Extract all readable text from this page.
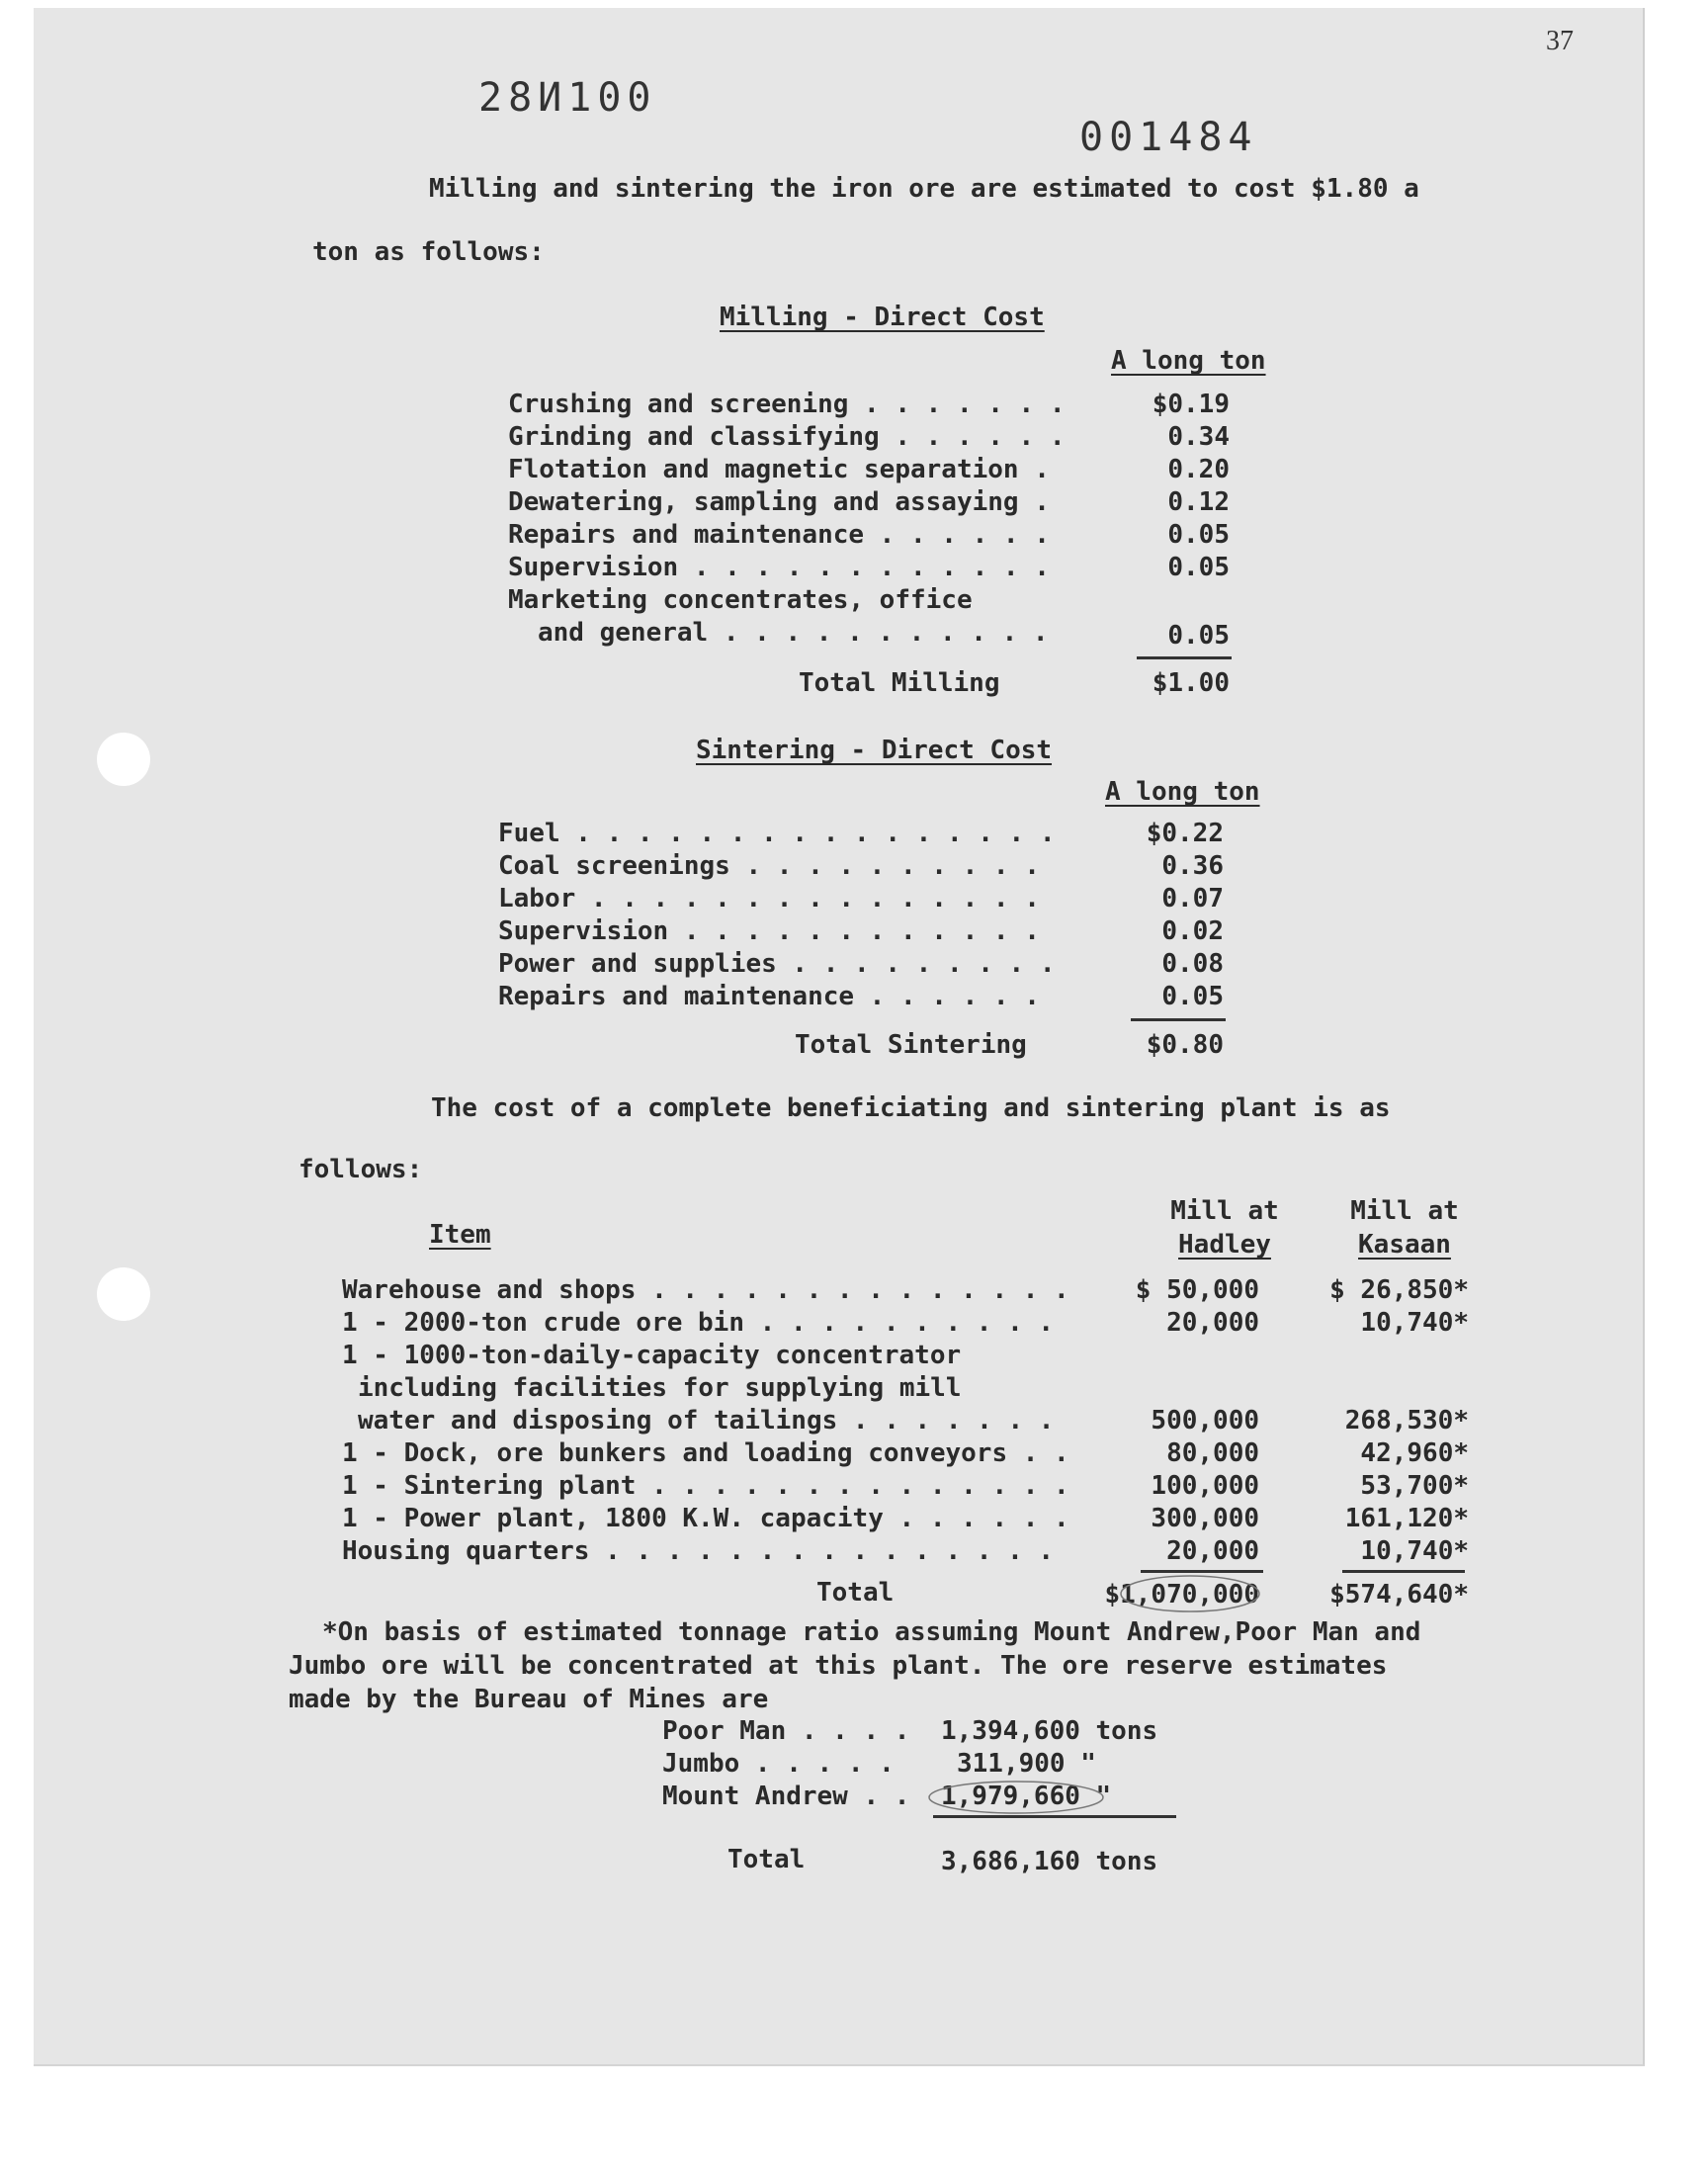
37
28И100
001484
Milling and sintering the iron ore are estimated to cost $1.80 a
ton as follows:
Milling - Direct Cost
A long ton
Crushing and screening . . . . . . .	$0.19
Grinding and classifying . . . . . .	0.34
Flotation and magnetic separation .	0.20
Dewatering, sampling and assaying .	0.12
Repairs and maintenance . . . . . .	0.05
Supervision . . . . . . . . . . . .	0.05
Marketing concentrates, office
and general . . . . . . . . . . .	0.05
Total Milling	$1.00
Sintering - Direct Cost
A long ton
Fuel . . . . . . . . . . . . . . . .	$0.22
Coal screenings . . . . . . . . . .	0.36
Labor . . . . . . . . . . . . . . .	0.07
Supervision . . . . . . . . . . . .	0.02
Power and supplies . . . . . . . . .	0.08
Repairs and maintenance . . . . . .	0.05
Total Sintering	$0.80
The cost of a complete beneficiating and sintering plant is as
follows:
Item
Mill at
Hadley
Mill at
Kasaan
Warehouse and shops . . . . . . . . . . . . . .	$ 50,000	$ 26,850*
1 - 2000-ton crude ore bin . . . . . . . . . .	20,000	10,740*
1 - 1000-ton-daily-capacity concentrator
including facilities for supplying mill
water and disposing of tailings . . . . . . .	500,000	268,530*
1 - Dock, ore bunkers and loading conveyors . .	80,000	42,960*
1 - Sintering plant . . . . . . . . . . . . . .	100,000	53,700*
1 - Power plant, 1800 K.W. capacity . . . . . .	300,000	161,120*
Housing quarters . . . . . . . . . . . . . . .	20,000	10,740*
Total	$1,070,000	$574,640*
*On basis of estimated tonnage ratio assuming Mount Andrew,Poor Man and
Jumbo ore will be concentrated at this plant. The ore reserve estimates
made by the Bureau of Mines are
Poor Man . . . . 1,394,600 tons
Jumbo . . . . . 311,900 "
Mount Andrew . . 1,979,660 "
Total	3,686,160 tons
